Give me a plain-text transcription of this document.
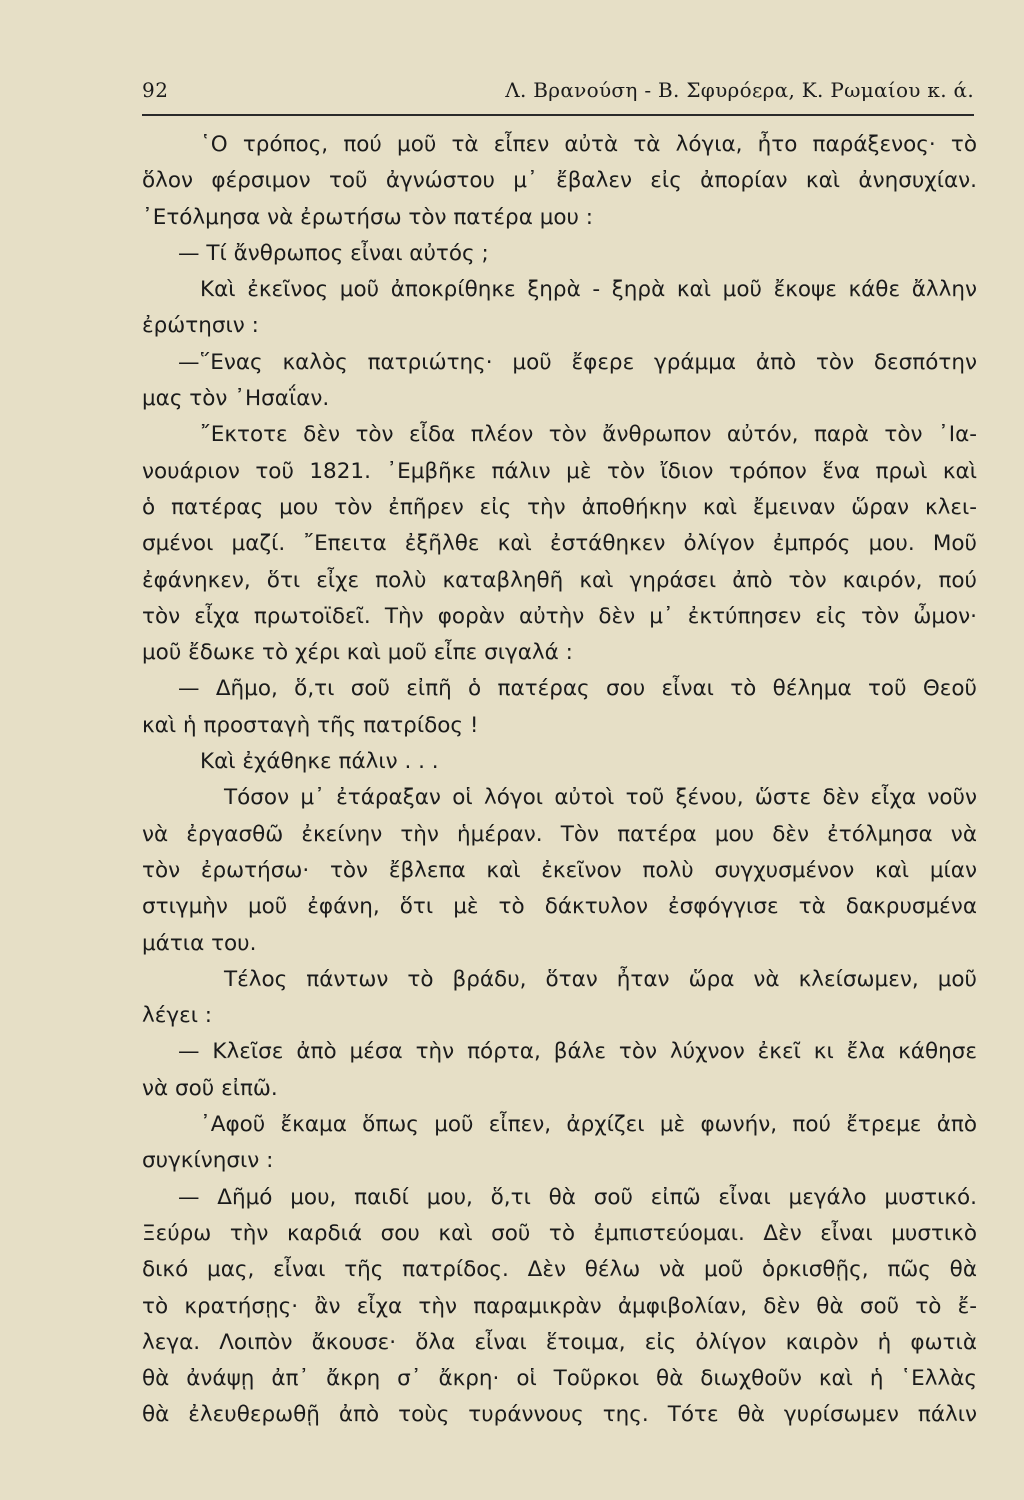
92	Λ. Βρανούση - Β. Σφυρόερα, Κ. Ρωμαίου κ. ά.
῾Ο τρόπος, πού μοῦ τὰ εἶπεν αὐτὰ τὰ λόγια, ἦτο παράξενος· τὸ
ὅλον φέρσιμον τοῦ ἀγνώστου μ᾽ ἔβαλεν εἰς ἀπορίαν καὶ ἀνησυχίαν.
᾽Ετόλμησα νὰ ἐρωτήσω τὸν πατέρα μου :
— Τί ἄνθρωπος εἶναι αὐτός ;
Καὶ ἐκεῖνος μοῦ ἀποκρίθηκε ξηρὰ - ξηρὰ καὶ μοῦ ἔκοψε κάθε ἄλλην
ἐρώτησιν :
—῞Ενας καλὸς πατριώτης· μοῦ ἔφερε γράμμα ἀπὸ τὸν δεσπότην
μας τὸν ᾽Ησαΐαν.
῎Εκτοτε δὲν τὸν εἶδα πλέον τὸν ἄνθρωπον αὐτόν, παρὰ τὸν ᾽Ια-
νουάριον τοῦ 1821. ᾽Εμβῆκε πάλιν μὲ τὸν ἴδιον τρόπον ἕνα πρωὶ καὶ
ὁ πατέρας μου τὸν ἐπῆρεν εἰς τὴν ἀποθήκην καὶ ἔμειναν ὥραν κλει-
σμένοι μαζί. ῎Επειτα ἐξῆλθε καὶ ἐστάθηκεν ὀλίγον ἐμπρός μου. Μοῦ
ἐφάνηκεν, ὅτι εἶχε πολὺ καταβληθῆ καὶ γηράσει ἀπὸ τὸν καιρόν, πού
τὸν εἶχα πρωτοϊδεῖ. Τὴν φορὰν αὐτὴν δὲν μ᾽ ἐκτύπησεν εἰς τὸν ὦμον·
μοῦ ἔδωκε τὸ χέρι καὶ μοῦ εἶπε σιγαλά :
— Δῆμο, ὅ,τι σοῦ εἰπῆ ὁ πατέρας σου εἶναι τὸ θέλημα τοῦ Θεοῦ
καὶ ἡ προσταγὴ τῆς πατρίδος !
Καὶ ἐχάθηκε πάλιν . . .
Τόσον μ᾽ ἐτάραξαν οἱ λόγοι αὐτοὶ τοῦ ξένου, ὥστε δὲν εἶχα νοῦν
νὰ ἐργασθῶ ἐκείνην τὴν ἡμέραν. Τὸν πατέρα μου δὲν ἐτόλμησα νὰ
τὸν ἐρωτήσω· τὸν ἔβλεπα καὶ ἐκεῖνον πολὺ συγχυσμένον καὶ μίαν
στιγμὴν μοῦ ἐφάνη, ὅτι μὲ τὸ δάκτυλον ἐσφόγγισε τὰ δακρυσμένα
μάτια του.
Τέλος πάντων τὸ βράδυ, ὅταν ἦταν ὥρα νὰ κλείσωμεν, μοῦ
λέγει :
— Κλεῖσε ἀπὸ μέσα τὴν πόρτα, βάλε τὸν λύχνον ἐκεῖ κι ἔλα κάθησε
νὰ σοῦ εἰπῶ.
᾽Αφοῦ ἔκαμα ὅπως μοῦ εἶπεν, ἀρχίζει μὲ φωνήν, πού ἔτρεμε ἀπὸ
συγκίνησιν :
— Δῆμό μου, παιδί μου, ὅ,τι θὰ σοῦ εἰπῶ εἶναι μεγάλο μυστικό.
Ξεύρω τὴν καρδιά σου καὶ σοῦ τὸ ἐμπιστεύομαι. Δὲν εἶναι μυστικὸ
δικό μας, εἶναι τῆς πατρίδος. Δὲν θέλω νὰ μοῦ ὁρκισθῇς, πῶς θὰ
τὸ κρατήσῃς· ἂν εἶχα τὴν παραμικρὰν ἀμφιβολίαν, δὲν θὰ σοῦ τὸ ἔ-
λεγα. Λοιπὸν ἄκουσε· ὅλα εἶναι ἕτοιμα, εἰς ὀλίγον καιρὸν ἡ φωτιὰ
θὰ ἀνάψῃ ἀπ᾽ ἄκρη σ᾽ ἄκρη· οἱ Τοῦρκοι θὰ διωχθοῦν καὶ ἡ ῾Ελλὰς
θὰ ἐλευθερωθῇ ἀπὸ τοὺς τυράννους της. Τότε θὰ γυρίσωμεν πάλιν
